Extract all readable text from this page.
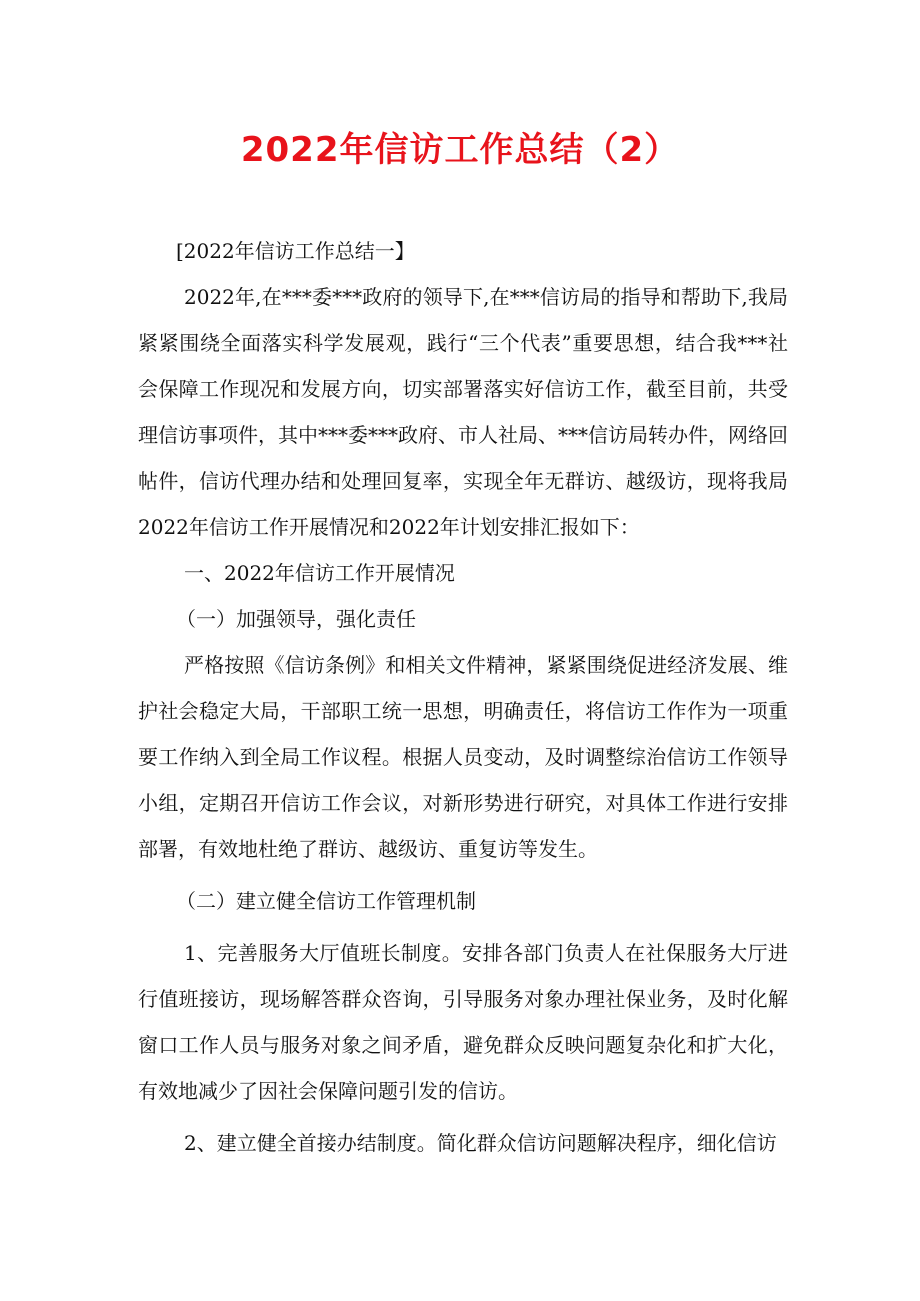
2022年信访工作总结（2）

[2022年信访工作总结一】

2022年,在***委***政府的领导下,在***信访局的指导和帮助下,我局紧紧围绕全面落实科学发展观，践行“三个代表”重要思想，结合我***社会保障工作现况和发展方向，切实部署落实好信访工作，截至目前，共受理信访事项件，其中***委***政府、市人社局、***信访局转办件，网络回帖件，信访代理办结和处理回复率，实现全年无群访、越级访，现将我局2022年信访工作开展情况和2022年计划安排汇报如下：

一、2022年信访工作开展情况

（一）加强领导，强化责任

严格按照《信访条例》和相关文件精神，紧紧围绕促进经济发展、维护社会稳定大局，干部职工统一思想，明确责任，将信访工作作为一项重要工作纳入到全局工作议程。根据人员变动，及时调整综治信访工作领导小组，定期召开信访工作会议，对新形势进行研究，对具体工作进行安排部署，有效地杜绝了群访、越级访、重复访等发生。

（二）建立健全信访工作管理机制

1、完善服务大厅值班长制度。安排各部门负责人在社保服务大厅进行值班接访，现场解答群众咨询，引导服务对象办理社保业务，及时化解窗口工作人员与服务对象之间矛盾，避免群众反映问题复杂化和扩大化，有效地减少了因社会保障问题引发的信访。

2、建立健全首接办结制度。简化群众信访问题解决程序，细化信访
